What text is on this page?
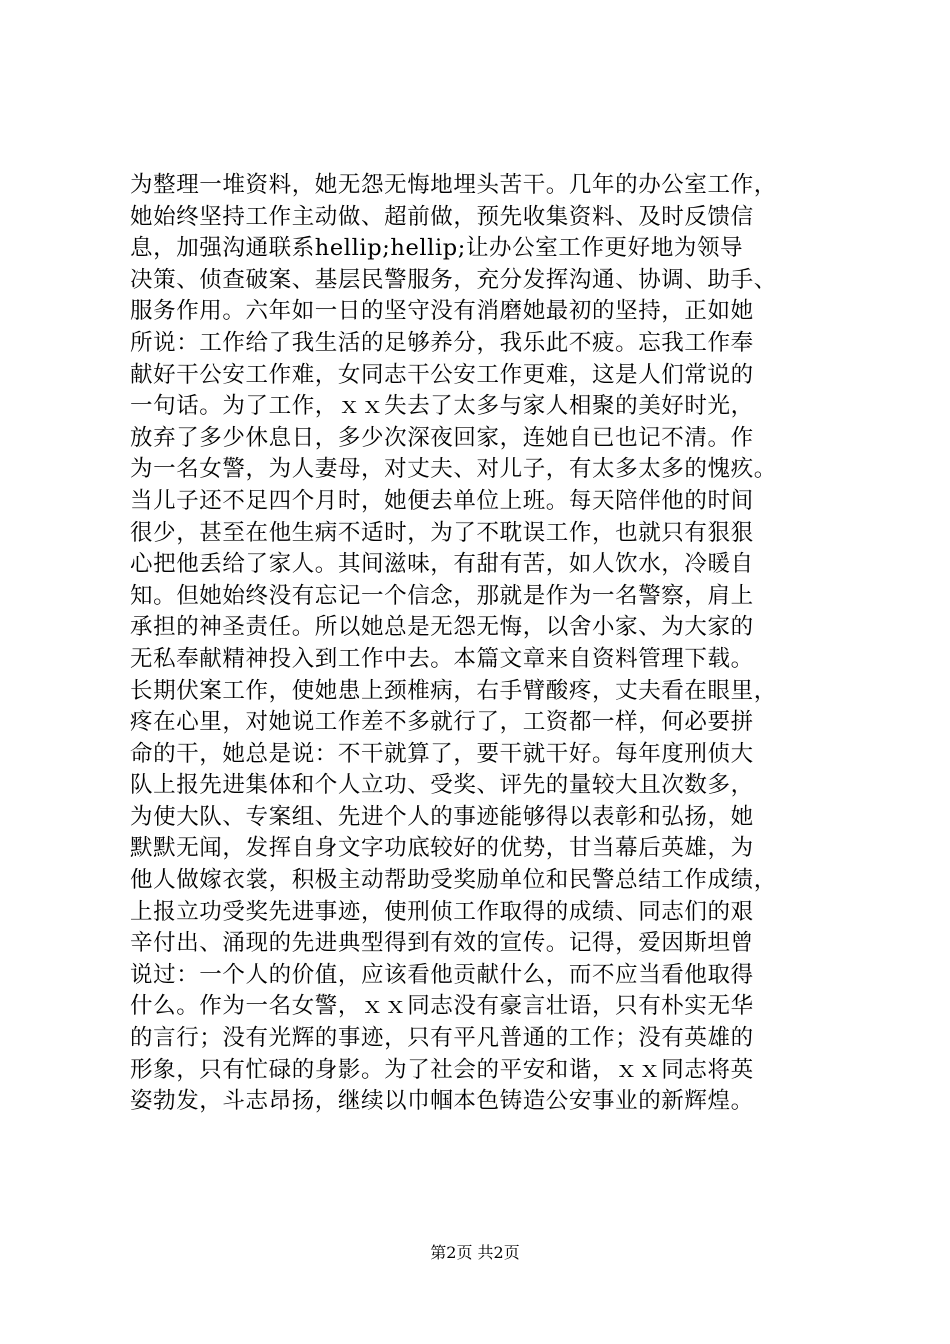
为整理一堆资料，她无怨无悔地埋头苦干。几年的办公室工作，
她始终坚持工作主动做、超前做，预先收集资料、及时反馈信
息，加强沟通联系hellip;hellip;让办公室工作更好地为领导
决策、侦查破案、基层民警服务，充分发挥沟通、协调、助手、
服务作用。六年如一日的坚守没有消磨她最初的坚持，正如她
所说：工作给了我生活的足够养分，我乐此不疲。忘我工作奉
献好干公安工作难，女同志干公安工作更难，这是人们常说的
一句话。为了工作，ｘｘ失去了太多与家人相聚的美好时光，
放弃了多少休息日，多少次深夜回家，连她自已也记不清。作
为一名女警，为人妻母，对丈夫、对儿子，有太多太多的愧疚。
当儿子还不足四个月时，她便去单位上班。每天陪伴他的时间
很少，甚至在他生病不适时，为了不耽误工作，也就只有狠狠
心把他丢给了家人。其间滋味，有甜有苦，如人饮水，冷暖自
知。但她始终没有忘记一个信念，那就是作为一名警察，肩上
承担的神圣责任。所以她总是无怨无悔，以舍小家、为大家的
无私奉献精神投入到工作中去。本篇文章来自资料管理下载。
长期伏案工作，使她患上颈椎病，右手臂酸疼，丈夫看在眼里，
疼在心里，对她说工作差不多就行了，工资都一样，何必要拼
命的干，她总是说：不干就算了，要干就干好。每年度刑侦大
队上报先进集体和个人立功、受奖、评先的量较大且次数多，
为使大队、专案组、先进个人的事迹能够得以表彰和弘扬，她
默默无闻，发挥自身文字功底较好的优势，甘当幕后英雄，为
他人做嫁衣裳，积极主动帮助受奖励单位和民警总结工作成绩，
上报立功受奖先进事迹，使刑侦工作取得的成绩、同志们的艰
辛付出、涌现的先进典型得到有效的宣传。记得，爱因斯坦曾
说过：一个人的价值，应该看他贡献什么，而不应当看他取得
什么。作为一名女警，ｘｘ同志没有豪言壮语，只有朴实无华
的言行；没有光辉的事迹，只有平凡普通的工作；没有英雄的
形象，只有忙碌的身影。为了社会的平安和谐，ｘｘ同志将英
姿勃发，斗志昂扬，继续以巾帼本色铸造公安事业的新辉煌。
第2页 共2页
